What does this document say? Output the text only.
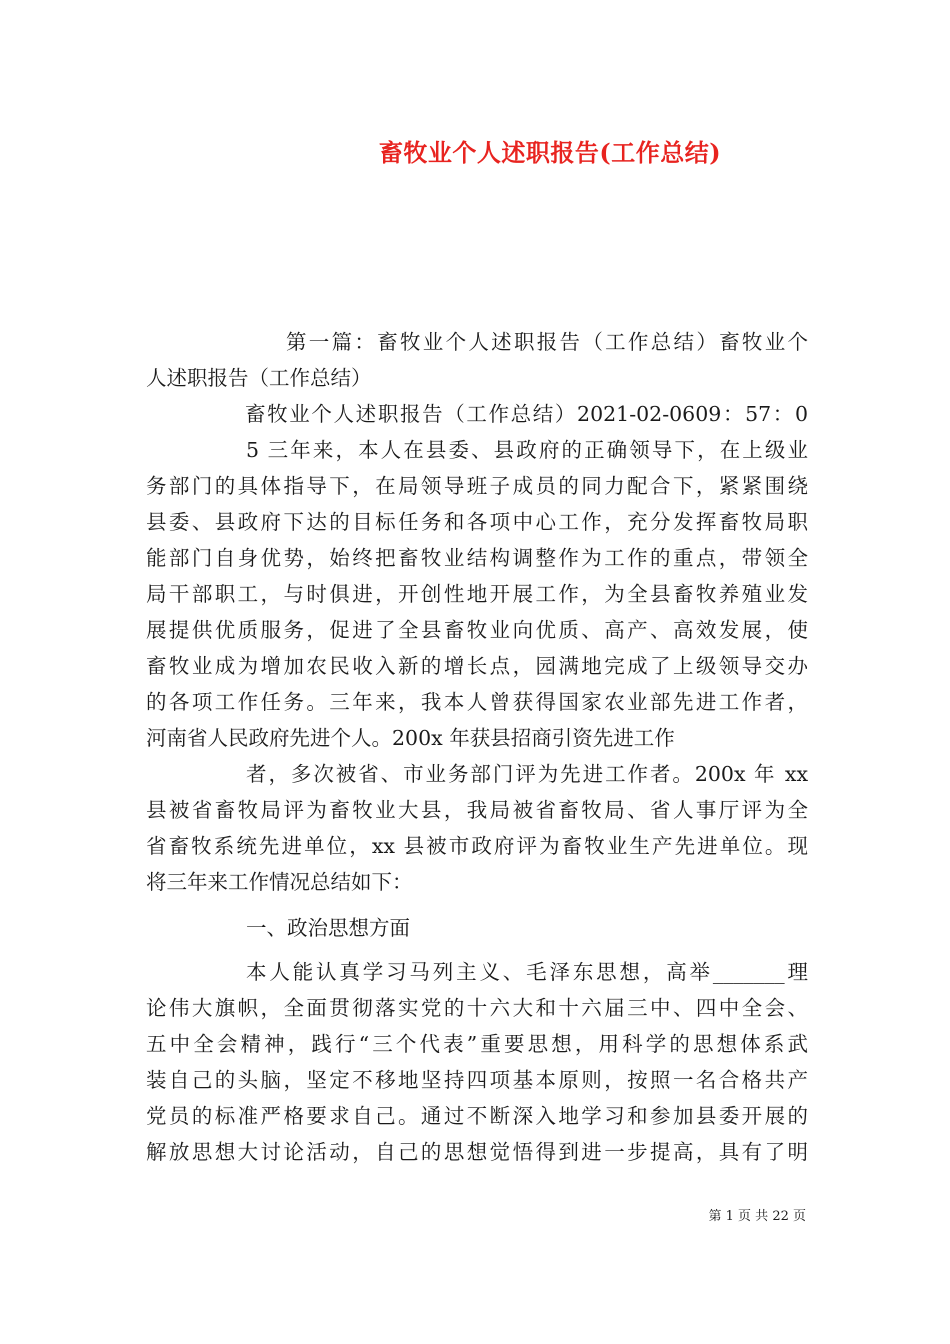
畜牧业个人述职报告(工作总结)
第一篇：畜牧业个人述职报告（工作总结）畜牧业个
人述职报告（工作总结）
畜牧业个人述职报告（工作总结）2021-02-0609：57：0
5 三年来，本人在县委、县政府的正确领导下，在上级业
务部门的具体指导下，在局领导班子成员的同力配合下，紧紧围绕
县委、县政府下达的目标任务和各项中心工作，充分发挥畜牧局职
能部门自身优势，始终把畜牧业结构调整作为工作的重点，带领全
局干部职工，与时俱进，开创性地开展工作，为全县畜牧养殖业发
展提供优质服务，促进了全县畜牧业向优质、高产、高效发展，使
畜牧业成为增加农民收入新的增长点，园满地完成了上级领导交办
的各项工作任务。三年来，我本人曾获得国家农业部先进工作者，
河南省人民政府先进个人。200x 年获县招商引资先进工作
者，多次被省、市业务部门评为先进工作者。200x 年 xx
县被省畜牧局评为畜牧业大县，我局被省畜牧局、省人事厅评为全
省畜牧系统先进单位，xx 县被市政府评为畜牧业生产先进单位。现
将三年来工作情况总结如下：
一、政治思想方面
本人能认真学习马列主义、毛泽东思想，高举_______理
论伟大旗帜，全面贯彻落实党的十六大和十六届三中、四中全会、
五中全会精神，践行“三个代表”重要思想，用科学的思想体系武
装自己的头脑，坚定不移地坚持四项基本原则，按照一名合格共产
党员的标准严格要求自己。通过不断深入地学习和参加县委开展的
解放思想大讨论活动，自己的思想觉悟得到进一步提高，具有了明
第 1 页 共 22 页
